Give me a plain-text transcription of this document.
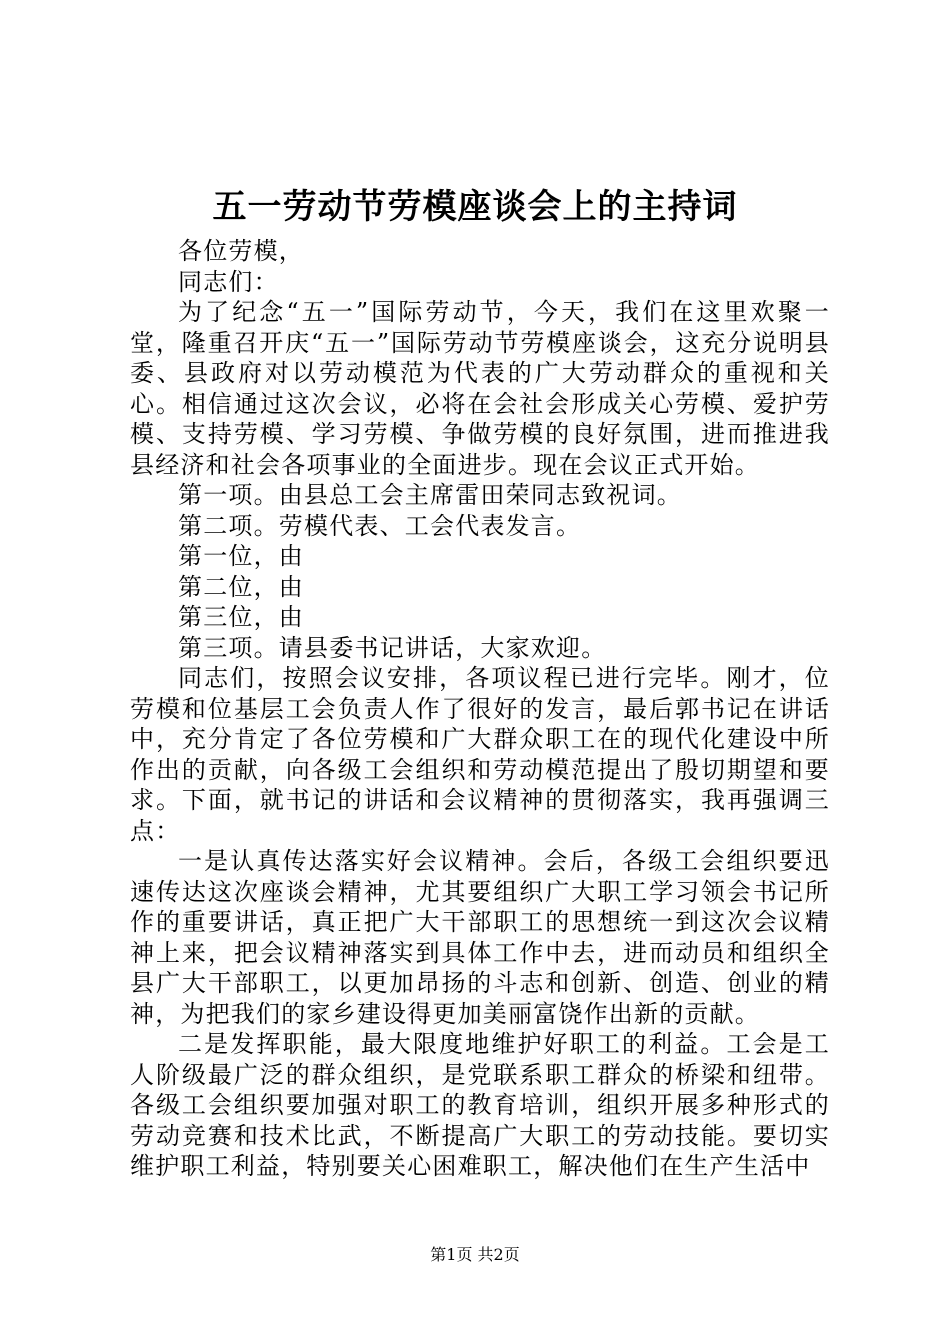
五一劳动节劳模座谈会上的主持词

各位劳模，

同志们：

为了纪念“五一”国际劳动节，今天，我们在这里欢聚一堂，隆重召开庆“五一”国际劳动节劳模座谈会，这充分说明县委、县政府对以劳动模范为代表的广大劳动群众的重视和关心。相信通过这次会议，必将在会社会形成关心劳模、爱护劳模、支持劳模、学习劳模、争做劳模的良好氛围，进而推进我县经济和社会各项事业的全面进步。现在会议正式开始。

第一项。由县总工会主席雷田荣同志致祝词。

第二项。劳模代表、工会代表发言。

第一位，由

第二位，由

第三位，由

第三项。请县委书记讲话，大家欢迎。

同志们，按照会议安排，各项议程已进行完毕。刚才，位劳模和位基层工会负责人作了很好的发言，最后郭书记在讲话中，充分肯定了各位劳模和广大群众职工在的现代化建设中所作出的贡献，向各级工会组织和劳动模范提出了殷切期望和要求。下面，就书记的讲话和会议精神的贯彻落实，我再强调三点：

一是认真传达落实好会议精神。会后，各级工会组织要迅速传达这次座谈会精神，尤其要组织广大职工学习领会书记所作的重要讲话，真正把广大干部职工的思想统一到这次会议精神上来，把会议精神落实到具体工作中去，进而动员和组织全县广大干部职工，以更加昂扬的斗志和创新、创造、创业的精神，为把我们的家乡建设得更加美丽富饶作出新的贡献。

二是发挥职能，最大限度地维护好职工的利益。工会是工人阶级最广泛的群众组织，是党联系职工群众的桥梁和纽带。各级工会组织要加强对职工的教育培训，组织开展多种形式的劳动竞赛和技术比武，不断提高广大职工的劳动技能。要切实维护职工利益，特别要关心困难职工，解决他们在生产生活中

第1页 共2页
